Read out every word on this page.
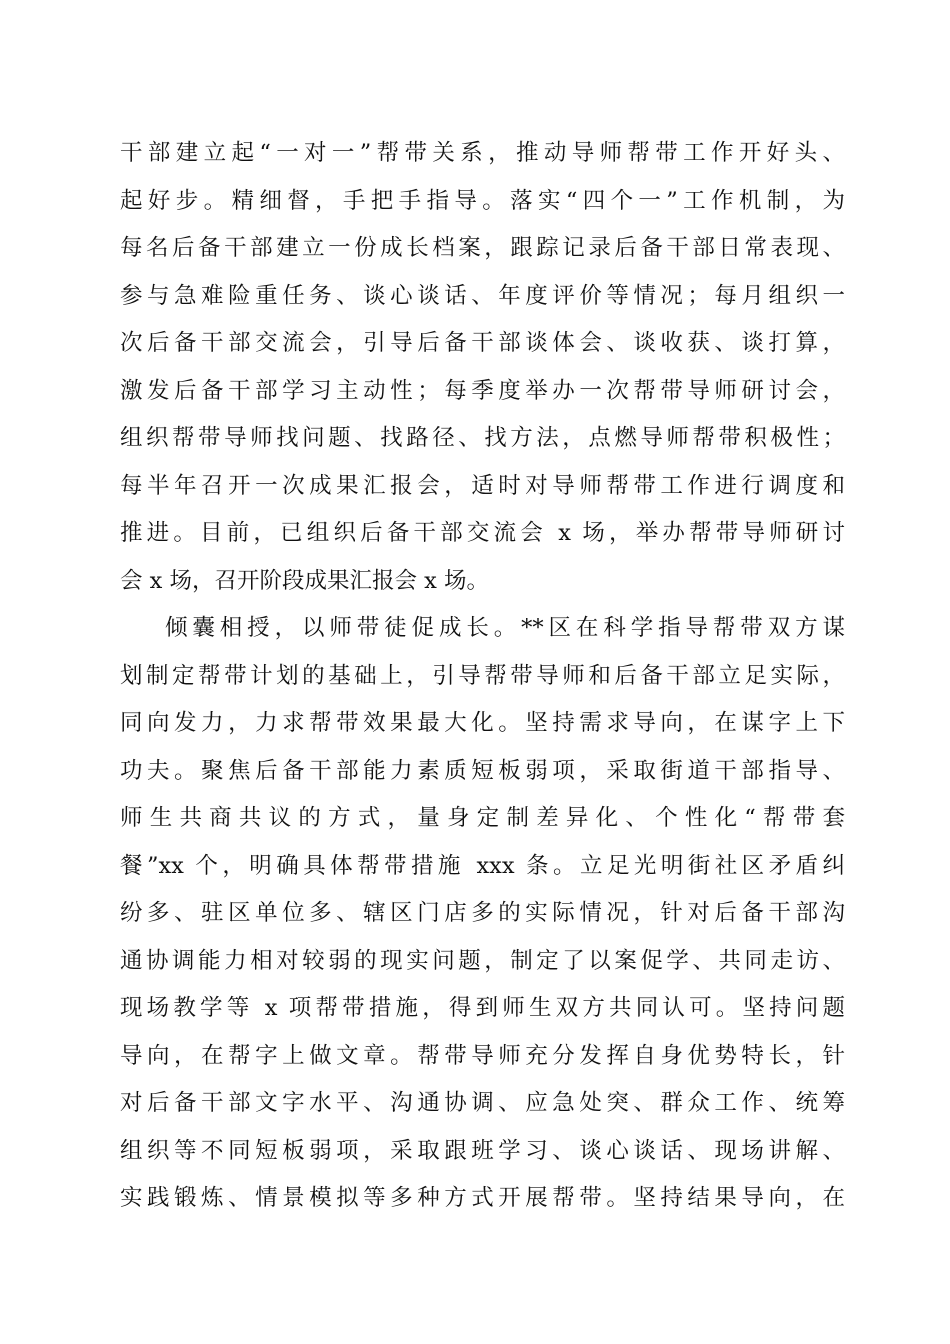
干部建立起“一对一”帮带关系，推动导师帮带工作开好头、
起好步。精细督，手把手指导。落实“四个一”工作机制，为
每名后备干部建立一份成长档案，跟踪记录后备干部日常表现、
参与急难险重任务、谈心谈话、年度评价等情况；每月组织一
次后备干部交流会，引导后备干部谈体会、谈收获、谈打算，
激发后备干部学习主动性；每季度举办一次帮带导师研讨会，
组织帮带导师找问题、找路径、找方法，点燃导师帮带积极性；
每半年召开一次成果汇报会，适时对导师帮带工作进行调度和
推进。目前，已组织后备干部交流会 x 场，举办帮带导师研讨
会 x 场，召开阶段成果汇报会 x 场。
倾囊相授，以师带徒促成长。**区在科学指导帮带双方谋
划制定帮带计划的基础上，引导帮带导师和后备干部立足实际，
同向发力，力求帮带效果最大化。坚持需求导向，在谋字上下
功夫。聚焦后备干部能力素质短板弱项，采取街道干部指导、
师生共商共议的方式，量身定制差异化、个性化“帮带套
餐”xx 个，明确具体帮带措施 xxx 条。立足光明街社区矛盾纠
纷多、驻区单位多、辖区门店多的实际情况，针对后备干部沟
通协调能力相对较弱的现实问题，制定了以案促学、共同走访、
现场教学等 x 项帮带措施，得到师生双方共同认可。坚持问题
导向，在帮字上做文章。帮带导师充分发挥自身优势特长，针
对后备干部文字水平、沟通协调、应急处突、群众工作、统筹
组织等不同短板弱项，采取跟班学习、谈心谈话、现场讲解、
实践锻炼、情景模拟等多种方式开展帮带。坚持结果导向，在
